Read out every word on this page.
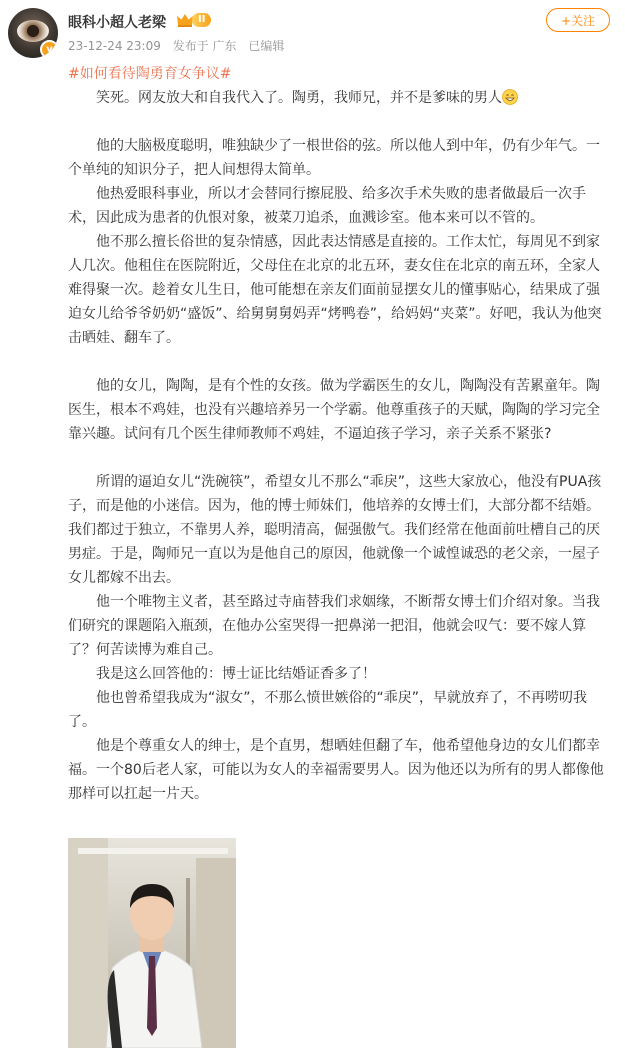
v
眼科小超人老梁	II
23-12-24 23:09 发布于 广东 已编辑
+关注
#如何看待陶勇育女争议#

笑死。网友放大和自我代入了。陶勇，我师兄，并不是爹味的男人

他的大脑极度聪明，唯独缺少了一根世俗的弦。所以他人到中年，仍有少年气。一个单纯的知识分子，把人间想得太简单。

他热爱眼科事业，所以才会替同行擦屁股、给多次手术失败的患者做最后一次手术，因此成为患者的仇恨对象，被菜刀追杀，血溅诊室。他本来可以不管的。

他不那么擅长俗世的复杂情感，因此表达情感是直接的。工作太忙，每周见不到家人几次。他租住在医院附近，父母住在北京的北五环，妻女住在北京的南五环，全家人难得聚一次。趁着女儿生日，他可能想在亲友们面前显摆女儿的懂事贴心，结果成了强迫女儿给爷爷奶奶“盛饭”、给舅舅舅妈弄“烤鸭卷”，给妈妈“夹菜”。好吧，我认为他突击晒娃、翻车了。

他的女儿，陶陶，是有个性的女孩。做为学霸医生的女儿，陶陶没有苦累童年。陶医生，根本不鸡娃，也没有兴趣培养另一个学霸。他尊重孩子的天赋，陶陶的学习完全靠兴趣。试问有几个医生律师教师不鸡娃，不逼迫孩子学习，亲子关系不紧张?

所谓的逼迫女儿“洗碗筷”，希望女儿不那么“乖戾”，这些大家放心，他没有PUA孩子，而是他的小迷信。因为，他的博士师妹们，他培养的女博士们，大部分都不结婚。我们都过于独立，不靠男人养，聪明清高，倔强傲气。我们经常在他面前吐槽自己的厌男症。于是，陶师兄一直以为是他自己的原因，他就像一个诚惶诚恐的老父亲，一屋子女儿都嫁不出去。

他一个唯物主义者，甚至路过寺庙替我们求姻缘，不断帮女博士们介绍对象。当我们研究的课题陷入瓶颈，在他办公室哭得一把鼻涕一把泪，他就会叹气：要不嫁人算了？何苦读博为难自己。

我是这么回答他的：博士证比结婚证香多了！

他也曾希望我成为“淑女”，不那么愤世嫉俗的“乖戾”，早就放弃了，不再唠叨我了。

他是个尊重女人的绅士，是个直男，想晒娃但翻了车，他希望他身边的女儿们都幸福。一个80后老人家，可能以为女人的幸福需要男人。因为他还以为所有的男人都像他那样可以扛起一片天。
